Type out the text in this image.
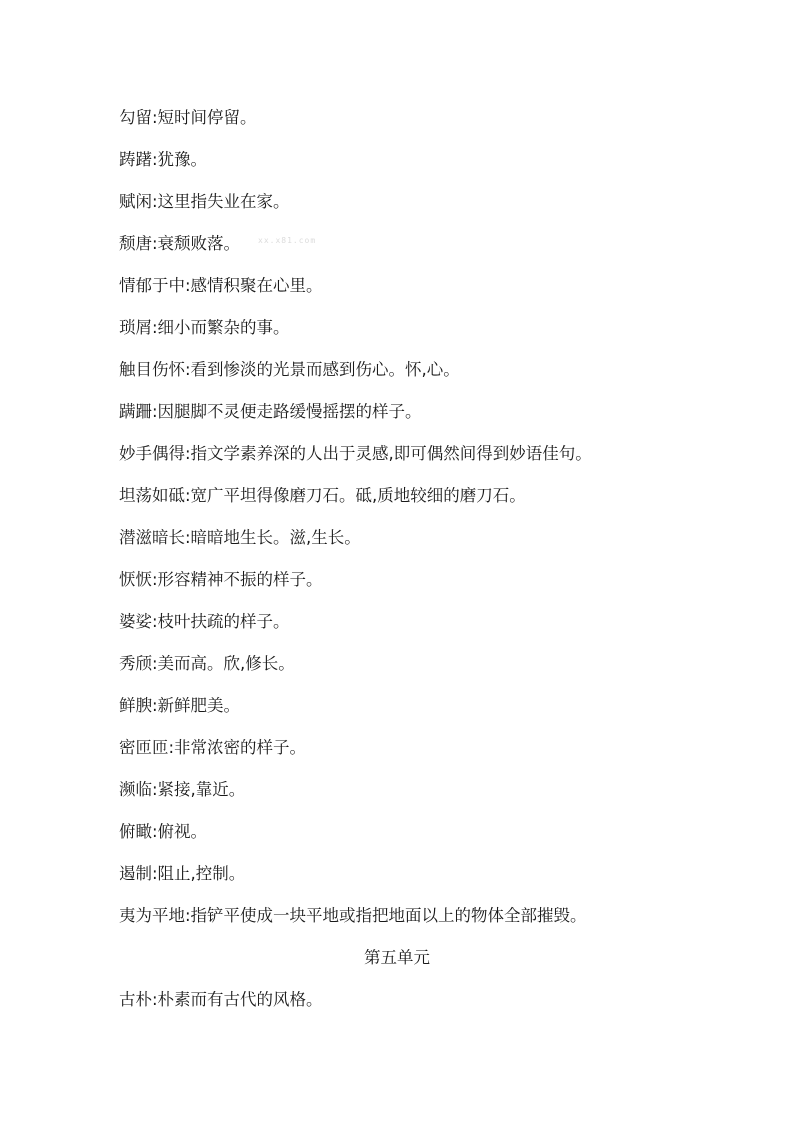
xx.x81.com
勾留:短时间停留。
踌躇:犹豫。
赋闲:这里指失业在家。
颓唐:衰颓败落。
情郁于中:感情积聚在心里。
琐屑:细小而繁杂的事。
触目伤怀:看到惨淡的光景而感到伤心。怀,心。
蹒跚:因腿脚不灵便走路缓慢摇摆的样子。
妙手偶得:指文学素养深的人出于灵感,即可偶然间得到妙语佳句。
坦荡如砥:宽广平坦得像磨刀石。砥,质地较细的磨刀石。
潜滋暗长:暗暗地生长。滋,生长。
恹恹:形容精神不振的样子。
婆娑:枝叶扶疏的样子。
秀颀:美而高。欣,修长。
鲜腴:新鲜肥美。
密匝匝:非常浓密的样子。
濒临:紧接,靠近。
俯瞰:俯视。
遏制:阻止,控制。
夷为平地:指铲平使成一块平地或指把地面以上的物体全部摧毁。
第五单元
古朴:朴素而有古代的风格。
